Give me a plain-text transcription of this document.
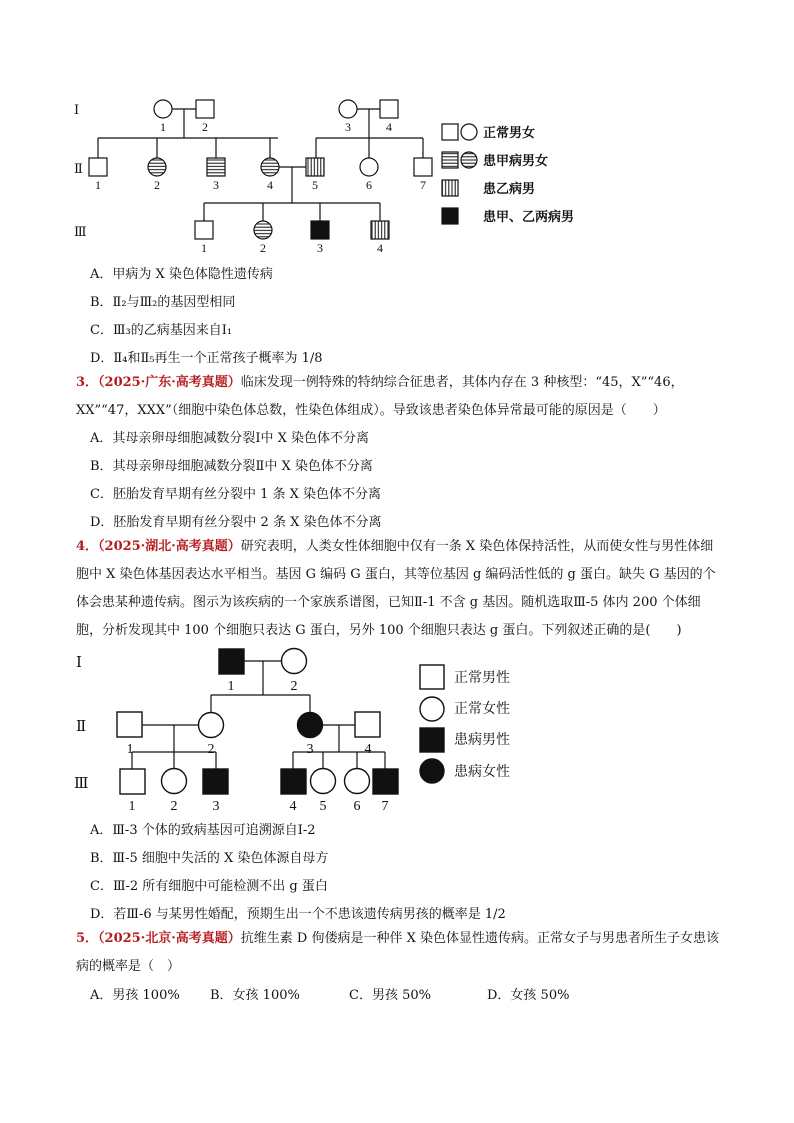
Ⅰ
Ⅱ
Ⅲ
1	2	3	4
1	2	3	4	5	6	7
1	2	3	4
正常男女
患甲病男女
患乙病男
患甲、乙两病男
A．甲病为 X 染色体隐性遗传病
B．Ⅱ₂与Ⅲ₂的基因型相同
C．Ⅲ₃的乙病基因来自Ⅰ₁
D．Ⅱ₄和Ⅱ₅再生一个正常孩子概率为 1/8
3．（2025·广东·高考真题）临床发现一例特殊的特纳综合征患者，其体内存在 3 种核型：“45，X”“46，XX”“47，XXX”（细胞中染色体总数，性染色体组成）。导致该患者染色体异常最可能的原因是（　　）
A．其母亲卵母细胞减数分裂Ⅰ中 X 染色体不分离
B．其母亲卵母细胞减数分裂Ⅱ中 X 染色体不分离
C．胚胎发育早期有丝分裂中 1 条 X 染色体不分离
D．胚胎发育早期有丝分裂中 2 条 X 染色体不分离
4．（2025·湖北·高考真题）研究表明，人类女性体细胞中仅有一条 X 染色体保持活性，从而使女性与男性体细胞中 X 染色体基因表达水平相当。基因 G 编码 G 蛋白，其等位基因 g 编码活性低的 g 蛋白。缺失 G 基因的个体会患某种遗传病。图示为该疾病的一个家族系谱图，已知Ⅱ-1 不含 g 基因。随机选取Ⅲ-5 体内 200 个体细胞，分析发现其中 100 个细胞只表达 G 蛋白，另外 100 个细胞只表达 g 蛋白。下列叙述正确的是(　　)
Ⅰ
Ⅱ
Ⅲ
1	2
1	2	3	4
1	2	3	4 5 6 7
正常男性
正常女性
患病男性
患病女性
A．Ⅲ-3 个体的致病基因可追溯源自Ⅰ-2
B．Ⅲ-5 细胞中失活的 X 染色体源自母方
C．Ⅲ-2 所有细胞中可能检测不出 g 蛋白
D．若Ⅲ-6 与某男性婚配，预期生出一个不患该遗传病男孩的概率是 1/2
5．（2025·北京·高考真题）抗维生素 D 佝偻病是一种伴 X 染色体显性遗传病。正常女子与男患者所生子女患该病的概率是（　）
A．男孩 100% B．女孩 100%	C．男孩 50%	D．女孩 50%
